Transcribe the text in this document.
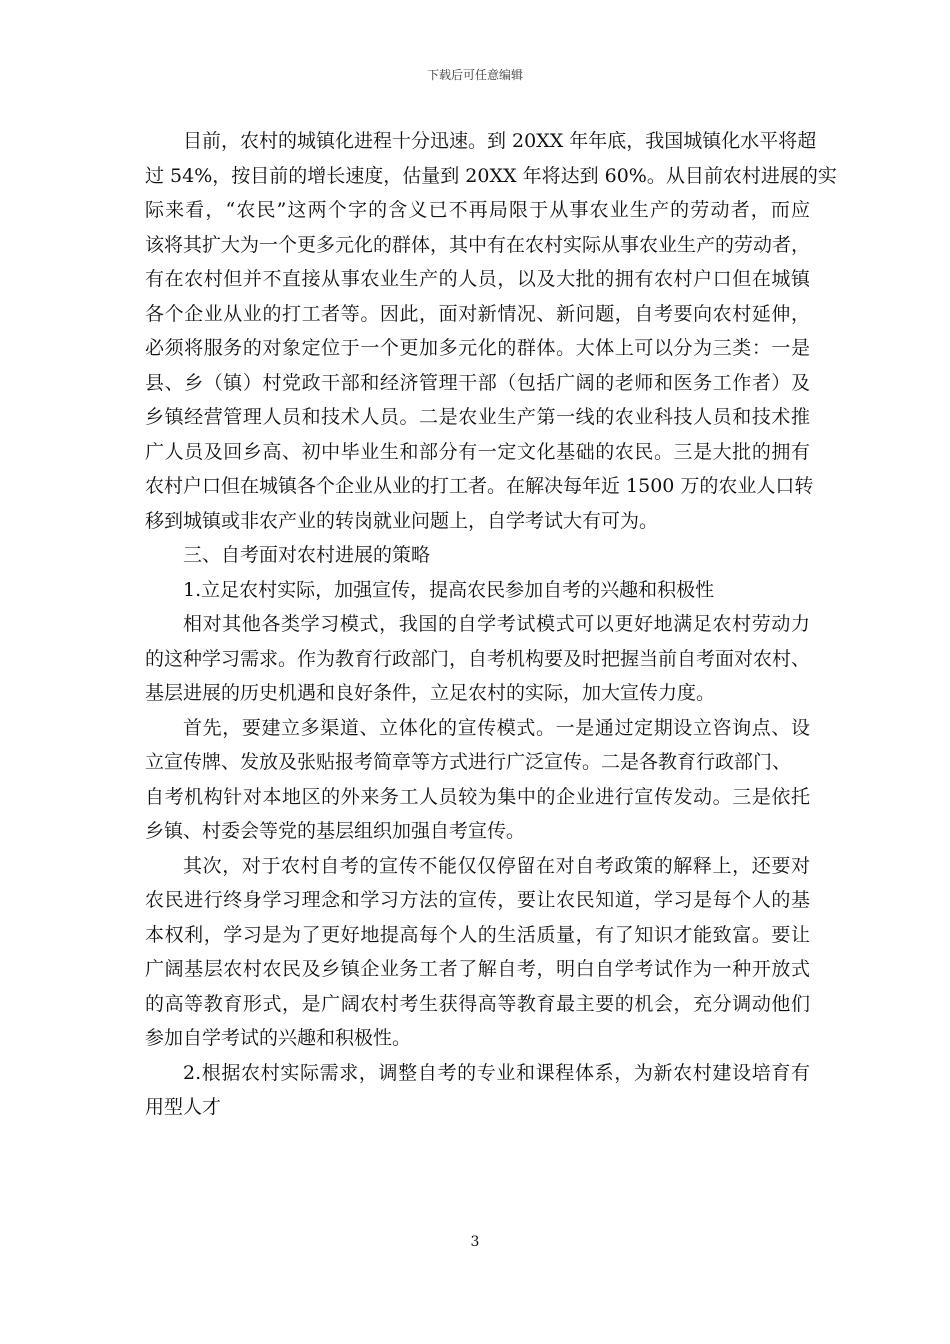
下载后可任意编辑
目前，农村的城镇化进程十分迅速。到 20XX 年年底，我国城镇化水平将超
过 54%，按目前的增长速度，估量到 20XX 年将达到 60%。从目前农村进展的实
际来看，“农民”这两个字的含义已不再局限于从事农业生产的劳动者，而应
该将其扩大为一个更多元化的群体，其中有在农村实际从事农业生产的劳动者，
有在农村但并不直接从事农业生产的人员，以及大批的拥有农村户口但在城镇
各个企业从业的打工者等。因此，面对新情况、新问题，自考要向农村延伸，
必须将服务的对象定位于一个更加多元化的群体。大体上可以分为三类：一是
县、乡（镇）村党政干部和经济管理干部（包括广阔的老师和医务工作者）及
乡镇经营管理人员和技术人员。二是农业生产第一线的农业科技人员和技术推
广人员及回乡高、初中毕业生和部分有一定文化基础的农民。三是大批的拥有
农村户口但在城镇各个企业从业的打工者。在解决每年近 1500 万的农业人口转
移到城镇或非农产业的转岗就业问题上，自学考试大有可为。
三、自考面对农村进展的策略
1.立足农村实际，加强宣传，提高农民参加自考的兴趣和积极性
相对其他各类学习模式，我国的自学考试模式可以更好地满足农村劳动力
的这种学习需求。作为教育行政部门，自考机构要及时把握当前自考面对农村、
基层进展的历史机遇和良好条件，立足农村的实际，加大宣传力度。
首先，要建立多渠道、立体化的宣传模式。一是通过定期设立咨询点、设
立宣传牌、发放及张贴报考简章等方式进行广泛宣传。二是各教育行政部门、
自考机构针对本地区的外来务工人员较为集中的企业进行宣传发动。三是依托
乡镇、村委会等党的基层组织加强自考宣传。
其次，对于农村自考的宣传不能仅仅停留在对自考政策的解释上，还要对
农民进行终身学习理念和学习方法的宣传，要让农民知道，学习是每个人的基
本权利，学习是为了更好地提高每个人的生活质量，有了知识才能致富。要让
广阔基层农村农民及乡镇企业务工者了解自考，明白自学考试作为一种开放式
的高等教育形式，是广阔农村考生获得高等教育最主要的机会，充分调动他们
参加自学考试的兴趣和积极性。
2.根据农村实际需求，调整自考的专业和课程体系，为新农村建设培育有
用型人才
3
